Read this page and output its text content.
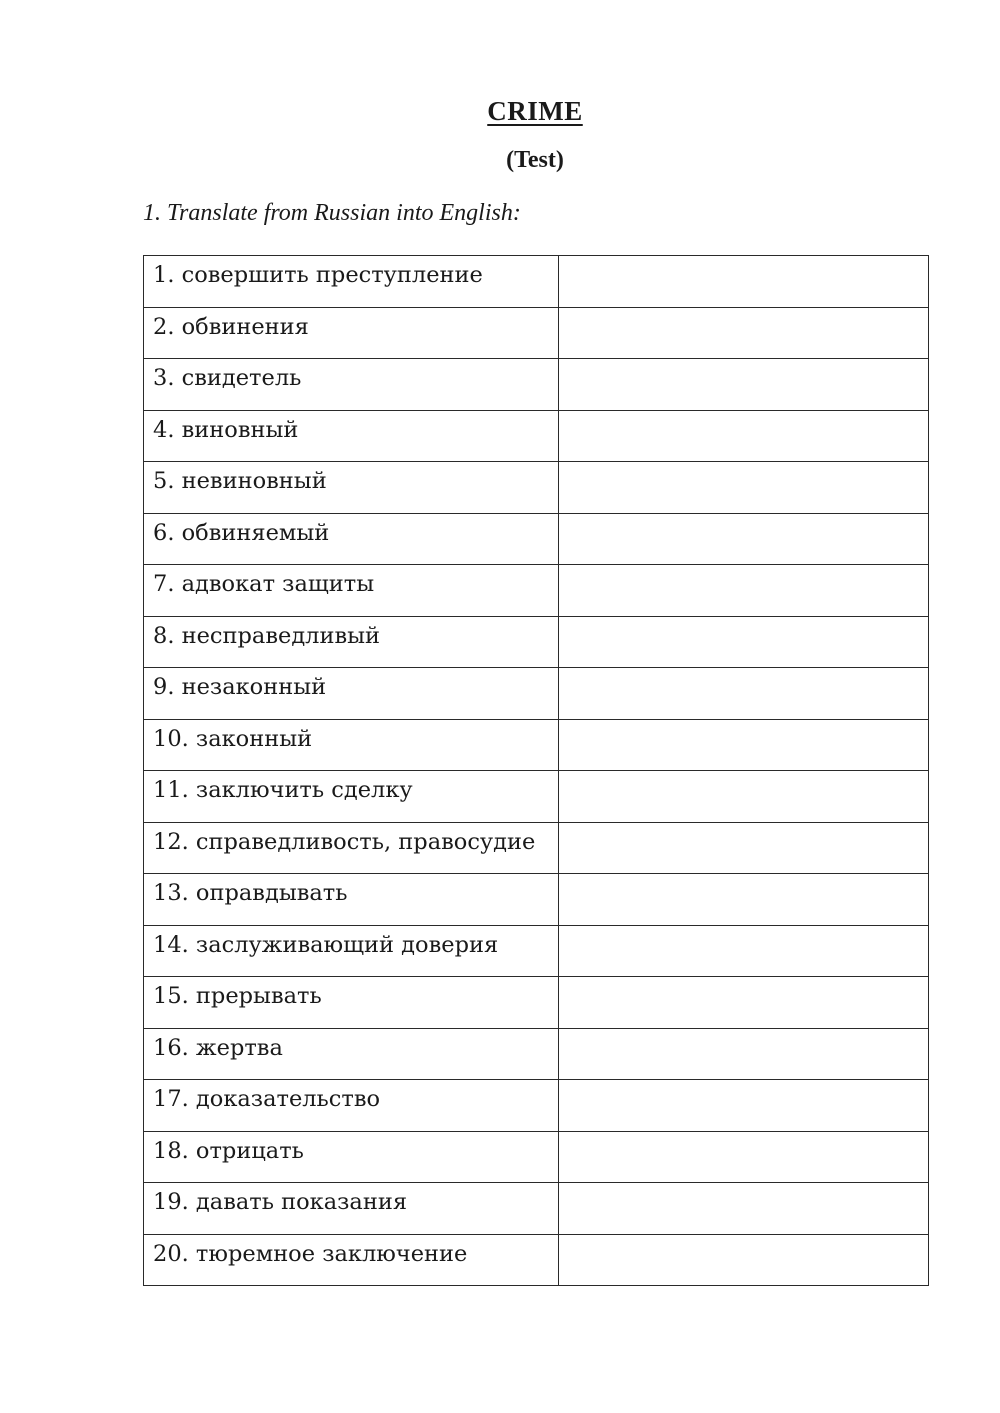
CRIME
(Test)
1. Translate from Russian into English:
1. совершить преступление	
2. обвинения	
3. свидетель	
4. виновный	
5. невиновный	
6. обвиняемый	
7. адвокат защиты	
8. несправедливый	
9. незаконный	
10. законный	
11. заключить сделку	
12. справедливость, правосудие	
13. оправдывать	
14. заслуживающий доверия	
15. прерывать	
16. жертва	
17. доказательство	
18. отрицать	
19. давать показания	
20. тюремное заключение	
